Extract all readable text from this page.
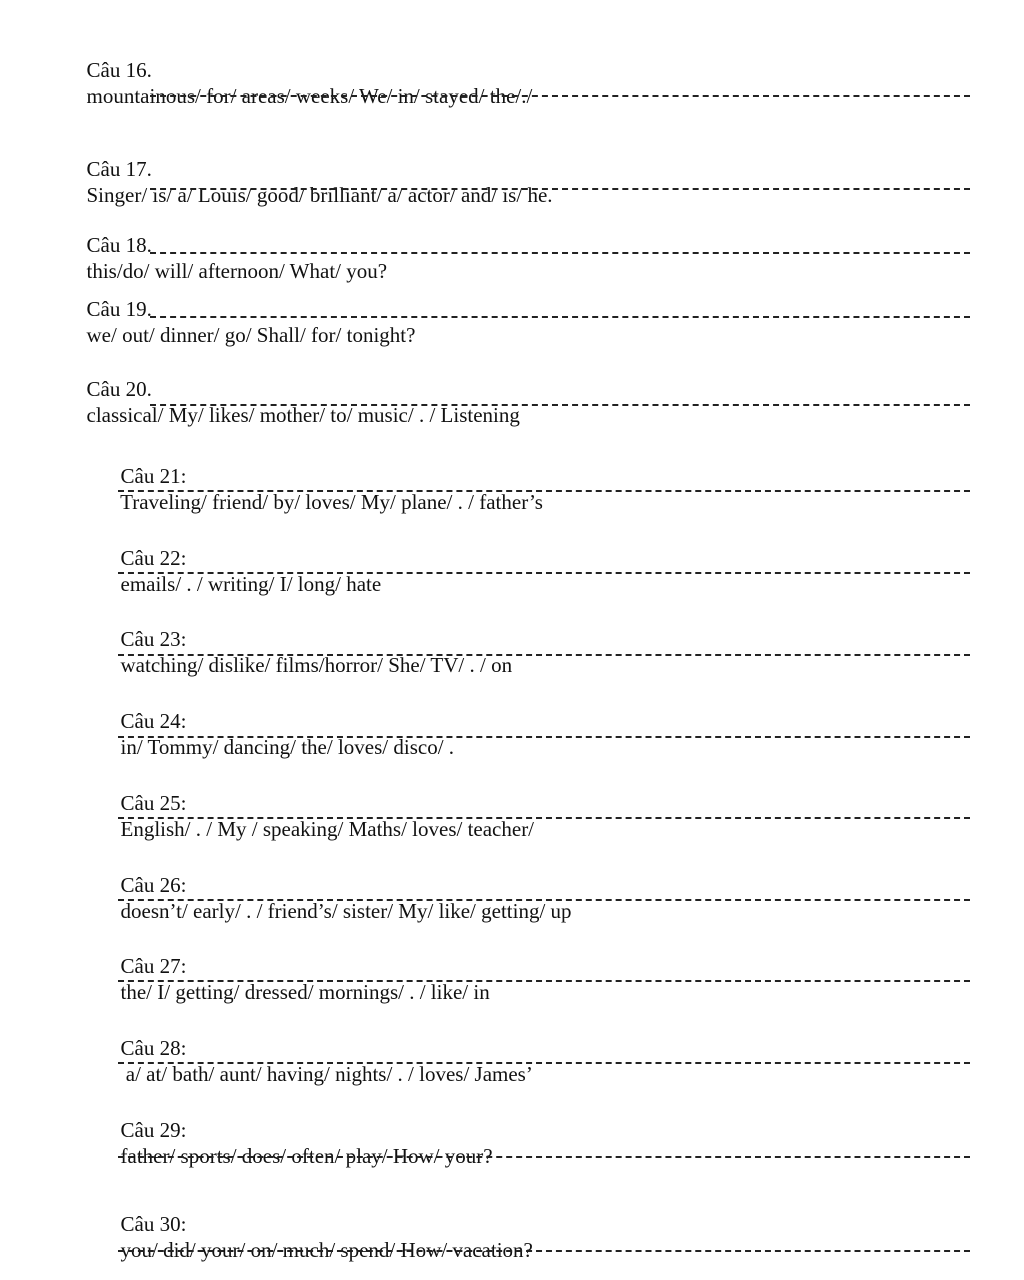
Câu 16.
mountainous/ for/ areas/ weeks/ We/ in/ stayed/ the/./

Câu 17.
Singer/ is/ a/ Louis/ good/ brilliant/ a/ actor/ and/ is/ he.

Câu 18.
this/do/ will/ afternoon/ What/ you?

Câu 19.
we/ out/ dinner/ go/ Shall/ for/ tonight?

Câu 20.
classical/ My/ likes/ mother/ to/ music/ . / Listening

Câu 21:
Traveling/ friend/ by/ loves/ My/ plane/ . / father’s

Câu 22:
emails/ . / writing/ I/ long/ hate

Câu 23:
watching/ dislike/ films/horror/ She/ TV/ . / on

Câu 24:
in/ Tommy/ dancing/ the/ loves/ disco/ .

Câu 25:
English/ . / My / speaking/ Maths/ loves/ teacher/

Câu 26:
doesn’t/ early/ . / friend’s/ sister/ My/ like/ getting/ up

Câu 27:
the/ I/ getting/ dressed/ mornings/ . / like/ in

Câu 28:
a/ at/ bath/ aunt/ having/ nights/ . / loves/ James’

Câu 29:
father/ sports/ does/ often/ play/ How/ your?

Câu 30:
you/ did/ your/ on/ much/ spend/ How/ vacation?
